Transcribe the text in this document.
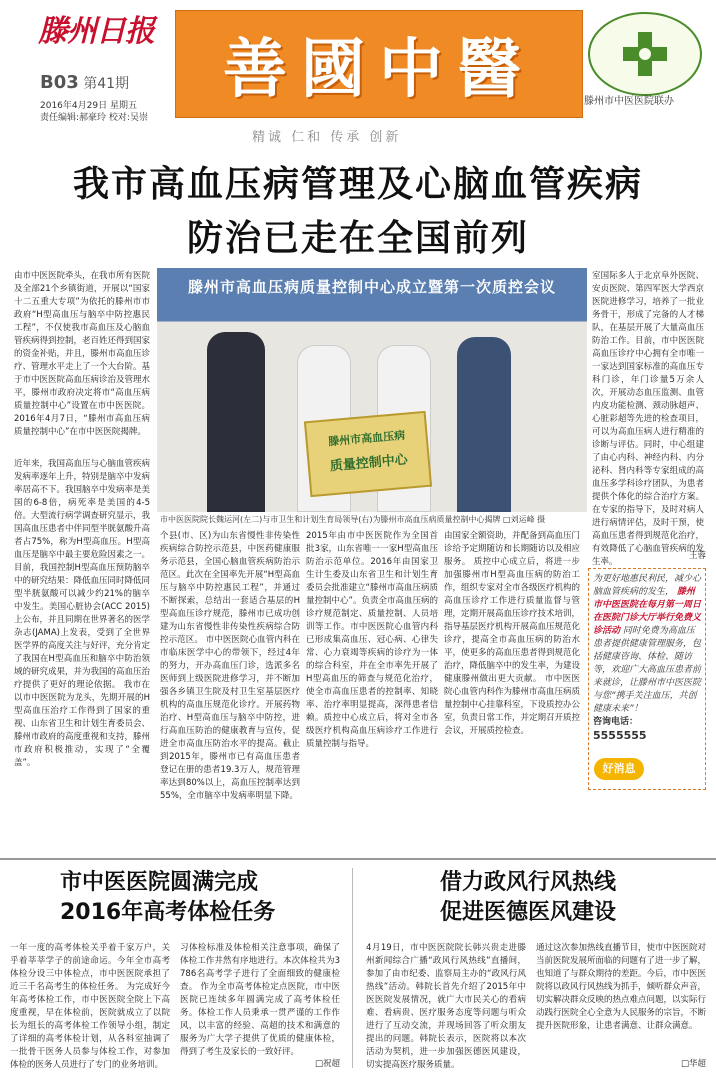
滕州日报
B03 第41期
2016年4月29日 星期五
责任编辑:郝豪玲 校对:吴崇
善國中醫	滕州市中医医院联办
精诚 仁和 传承 创新
我市高血压病管理及心脑血管疾病
防治已走在全国前列
由市中医医院牵头，在我市所有医院及全部21个乡镇街道，开展以“国家十二五重大专项”为依托的滕州市市政府“H型高血压与脑卒中防控惠民工程”，不仅使我市高血压及心脑血管疾病得到控制，老百姓还得到国家的资金补贴，并且，滕州市高血压诊疗、管理水平走上了一个大台阶。基于市中医医院高血压病诊治及管理水平，滕州市政府决定将市“高血压病质量控制中心”设置在市中医医院。2016年4月7日，“滕州市高血压病质量控制中心”在市中医医院揭牌。
近年来，我国高血压与心脑血管疾病发病率逐年上升，特别是脑卒中发病率居高不下。我国脑卒中发病率是美国的6-8倍，病死率是美国的4-5倍。大型流行病学调查研究显示，我国高血压患者中伴同型半胱氨酸升高者占75%，称为H型高血压。H型高血压是脑卒中最主要危险因素之一。目前，我国控制H型高血压预防脑卒中的研究结果：降低血压同时降低同型半胱氨酸可以减少约21%的脑卒中发生。美国心脏协会(ACC 2015)上公布，并且同期在世界著名的医学杂志(JAMA)上发表，受到了全世界医学界的高度关注与好评，充分肯定了我国在H型高血压和脑卒中防治领域的研究成果，并为我国的高血压治疗提供了更好的理论依据。 我市在以市中医医院为龙头，先期开展的H型高血压治疗工作得到了国家的重视、山东省卫生和计划生育委员会、滕州市政府的高度重视和支持，滕州市政府积极推动，实现了“全覆盖”。
个县(市、区)为山东省慢性非传染性疾病综合防控示范县，中医药健康服务示范县，全国心脑血管疾病防治示范区。此次在全国率先开展“H型高血压与脑卒中防控惠民工程”，并通过不断探索，总结出一套适合基层的H型高血压诊疗规范，滕州市已成功创建为山东省慢性非传染性疾病综合防控示范区。 市中医医院心血管内科在市临床医学中心的带领下，经过4年的努力，开办高血压门诊，选派多名医师到上级医院进修学习，并不断加强各乡镇卫生院及村卫生室基层医疗机构的高血压规范化诊疗。开展药物治疗、H型高血压与脑卒中防控，进行高血压防治的健康教育与宣传，促进全市高血压防治水平的提高。截止到2015年，滕州市已有高血压患者登记在册的患者19.3万人，规范管理率达到80%以上，高血压控制率达到55%，全市脑卒中发病率明显下降。
2015年由市中医医院作为全国首批3家，山东省唯一一家H型高血压防治示范单位。2016年由国家卫生计生委及山东省卫生和计划生育委员会批准建立“滕州市高血压病质量控制中心”。负责全市高血压病的诊疗规范制定、质量控制、人员培训等工作。市中医医院心血管内科已形成集高血压、冠心病、心律失常、心力衰竭等疾病的诊疗为一体的综合科室，并在全市率先开展了H型高血压的筛查与规范化治疗，使全市高血压患者的控制率、知晓率、治疗率明显提高，深得患者信赖。质控中心成立后，将对全市各级医疗机构高血压病诊疗工作进行质量控制与指导。
由国家全额资助，并配备到高血压门诊给予定期随访和长期随访以及相应服务。 质控中心成立后，将进一步加强滕州市H型高血压病的防治工作，组织专家对全市各级医疗机构的高血压诊疗工作进行质量监督与管理，定期开展高血压诊疗技术培训，指导基层医疗机构开展高血压规范化诊疗，提高全市高血压病的防治水平，使更多的高血压患者得到规范化治疗，降低脑卒中的发生率，为建设健康滕州做出更大贡献。 市中医医院心血管内科作为滕州市高血压病质量控制中心挂靠科室，下设质控办公室，负责日常工作，并定期召开质控会议，开展质控检查。
室国际多人于北京阜外医院、安贞医院、第四军医大学西京医院进修学习，培养了一批业务骨干，形成了完备的人才梯队，在基层开展了大量高血压防治工作。目前，市中医医院高血压诊疗中心拥有全市唯一一家达到国家标准的高血压专科门诊，年门诊量5万余人次，开展动态血压监测、血管内皮功能检测、颈动脉超声、心脏彩超等先进的检查项目，可以为高血压病人进行精准的诊断与评估。同时，中心组建了由心内科、神经内科、内分泌科、肾内科等专家组成的高血压多学科诊疗团队，为患者提供个体化的综合治疗方案。在专家的指导下，及时对病人进行病情评估，及时干预，使高血压患者得到规范化治疗，有效降低了心脑血管疾病的发生率。
王蓉
滕州市高血压病质量控制中心成立暨第一次质控会议
滕州市高血压病
质量控制中心
市中医医院院长魏运河(左二)与市卫生和计划生育局领导(右)为滕州市高血压病质量控制中心揭牌 □刘运峰 摄
为更好地惠民利民，减少心脑血管疾病的发生， 滕州市中医医院在每月第一周日在医院门诊大厅举行免费义诊活动 同时免费为高血压患者提供健康管理服务，包括健康咨询、体检、随访等，欢迎广大高血压患者前来就诊，让滕州市中医医院与您“携手关注血压，共创健康未来”！
咨询电话：
5555555
好消息
市中医医院圆满完成
2016年高考体检任务
一年一度的高考体检关乎着千家万户，关乎着莘莘学子的前途命运。今年全市高考体检分设三中体检点，市中医医院承担了近三千名高考生的体检任务。 为完成好今年高考体检工作，市中医医院全院上下高度重视，早在体检前，医院就成立了以院长为组长的高考体检工作领导小组，制定了详细的高考体检计划，从各科室抽调了一批骨干医务人员参与体检工作，对参加体检的医务人员进行了专门的业务培训。
习体检标准及体检相关注意事项，确保了体检工作井然有序地进行。本次体检共为3786名高考学子进行了全面细致的健康检查。 作为全市高考体检定点医院，市中医医院已连续多年圆满完成了高考体检任务。体检工作人员秉承一贯严谨的工作作风，以丰富的经验、高超的技术和满意的服务为广大学子提供了优质的健康体检，得到了考生及家长的一致好评。
□祝超
借力政风行风热线
促进医德医风建设
4月19日，市中医医院院长韩兴贵走进滕州新闻综合广播“政风行风热线”直播间，参加了由市纪委、监察局主办的“政风行风热线”活动。韩院长首先介绍了2015年中医医院发展情况，就广大市民关心的看病难、看病贵、医疗服务态度等问题与听众进行了互动交流，并现场回答了听众朋友提出的问题。韩院长表示，医院将以本次活动为契机，进一步加强医德医风建设，切实提高医疗服务质量。
通过这次参加热线直播节目，使市中医医院对当前医院发展所面临的问题有了进一步了解，也知道了与群众期待的差距。今后，市中医医院将以政风行风热线为抓手，倾听群众声音，切实解决群众反映的热点难点问题，以实际行动践行医院全心全意为人民服务的宗旨，不断提升医院形象，让患者满意、让群众满意。
□华超
